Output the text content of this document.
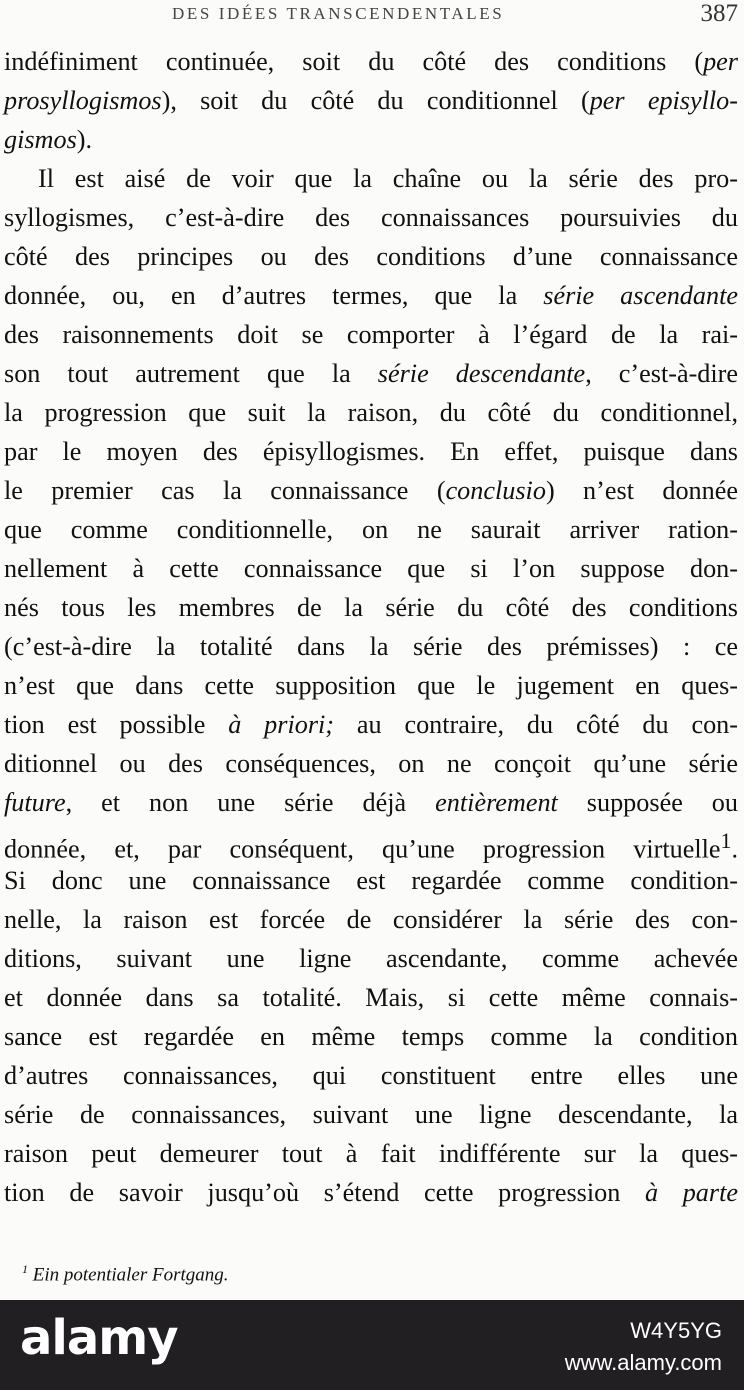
DES IDÉES TRANSCENDENTALES	387
indéfiniment continuée, soit du côté des conditions (per
prosyllogismos), soit du côté du conditionnel (per episyllo-
gismos).
Il est aisé de voir que la chaîne ou la série des pro-
syllogismes, c’est-à-dire des connaissances poursuivies du
côté des principes ou des conditions d’une connaissance
donnée, ou, en d’autres termes, que la série ascendante
des raisonnements doit se comporter à l’égard de la rai-
son tout autrement que la série descendante, c’est-à-dire
la progression que suit la raison, du côté du conditionnel,
par le moyen des épisyllogismes. En effet, puisque dans
le premier cas la connaissance (conclusio) n’est donnée
que comme conditionnelle, on ne saurait arriver ration-
nellement à cette connaissance que si l’on suppose don-
nés tous les membres de la série du côté des conditions
(c’est-à-dire la totalité dans la série des prémisses) : ce
n’est que dans cette supposition que le jugement en ques-
tion est possible à priori; au contraire, du côté du con-
ditionnel ou des conséquences, on ne conçoit qu’une série
future, et non une série déjà entièrement supposée ou
donnée, et, par conséquent, qu’une progression virtuelle$^1$.
Si donc une connaissance est regardée comme condition-
nelle, la raison est forcée de considérer la série des con-
ditions, suivant une ligne ascendante, comme achevée
et donnée dans sa totalité. Mais, si cette même connais-
sance est regardée en même temps comme la condition
d’autres connaissances, qui constituent entre elles une
série de connaissances, suivant une ligne descendante, la
raison peut demeurer tout à fait indifférente sur la ques-
tion de savoir jusqu’où s’étend cette progression à parte
$^1$ Ein potentialer Fortgang.
alamy	W4Y5YG
www.alamy.com
